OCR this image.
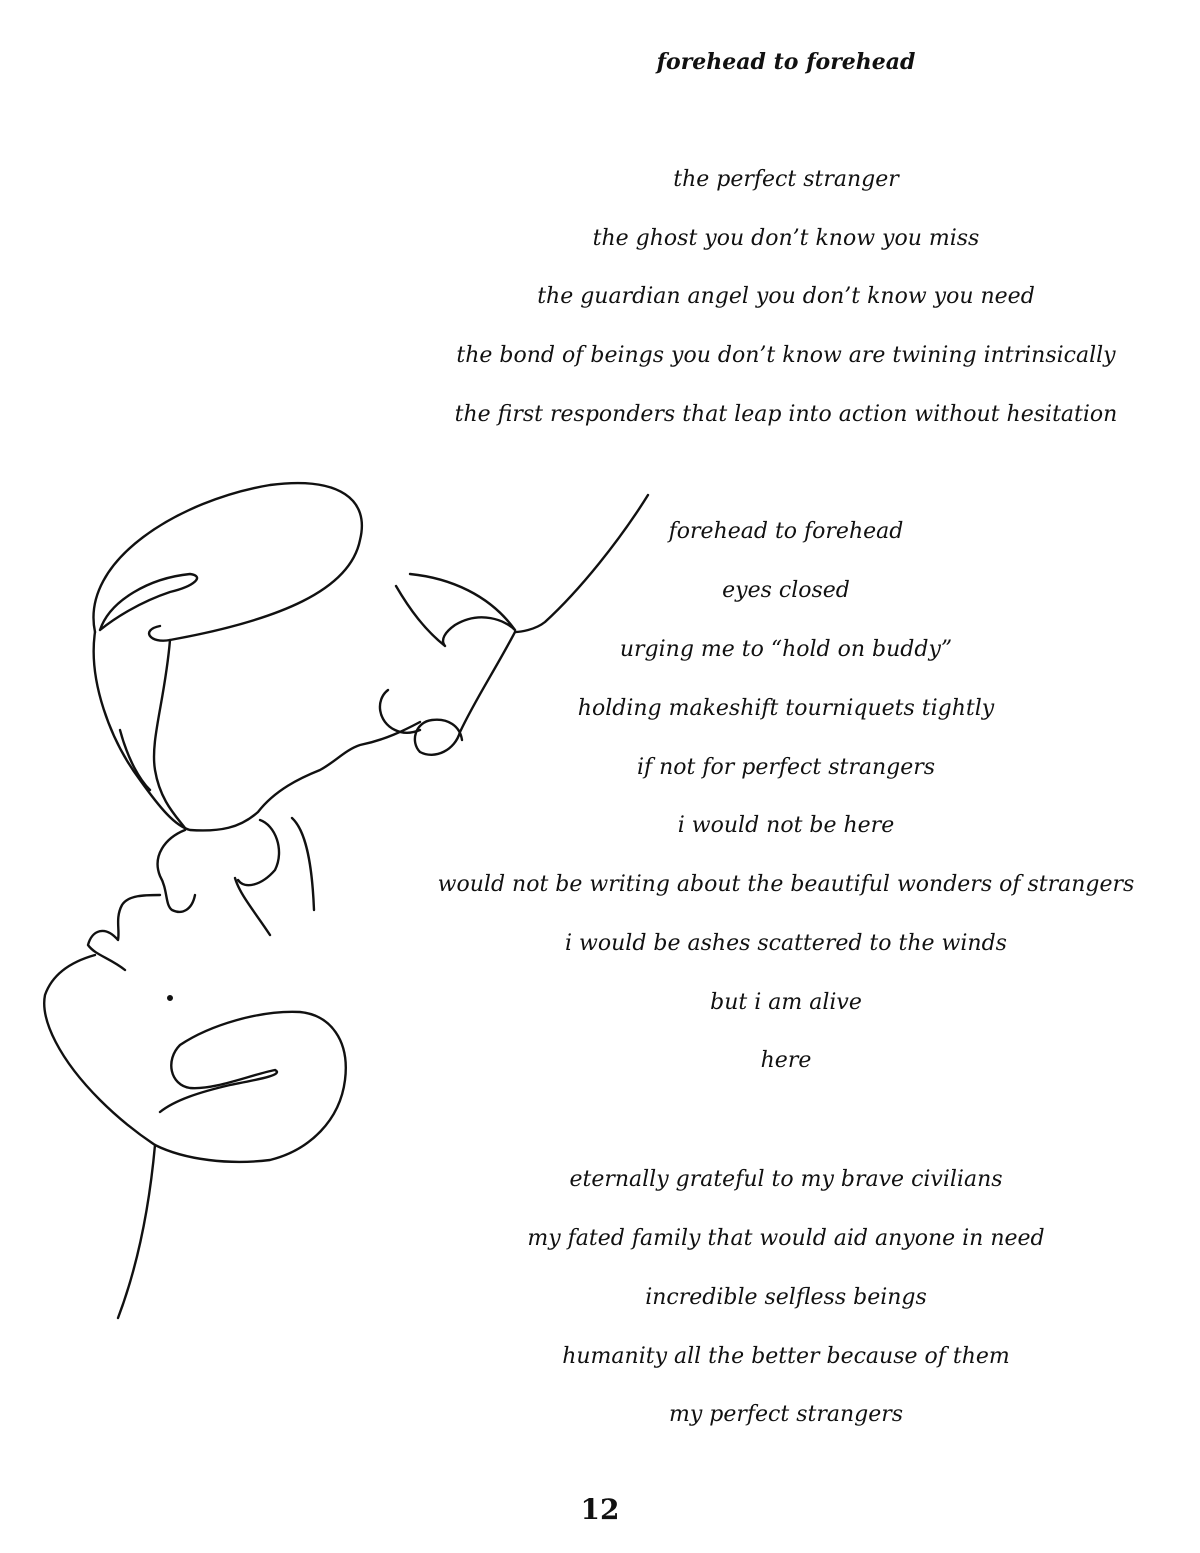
forehead to forehead
the perfect stranger
the ghost you don’t know you miss
the guardian angel you don’t know you need
the bond of beings you don’t know are twining intrinsically
the first responders that leap into action without hesitation
forehead to forehead
eyes closed
urging me to “hold on buddy”
holding makeshift tourniquets tightly
if not for perfect strangers
i would not be here
would not be writing about the beautiful wonders of strangers
i would be ashes scattered to the winds
but i am alive
here
eternally grateful to my brave civilians
my fated family that would aid anyone in need
incredible selfless beings
humanity all the better because of them
my perfect strangers
12
